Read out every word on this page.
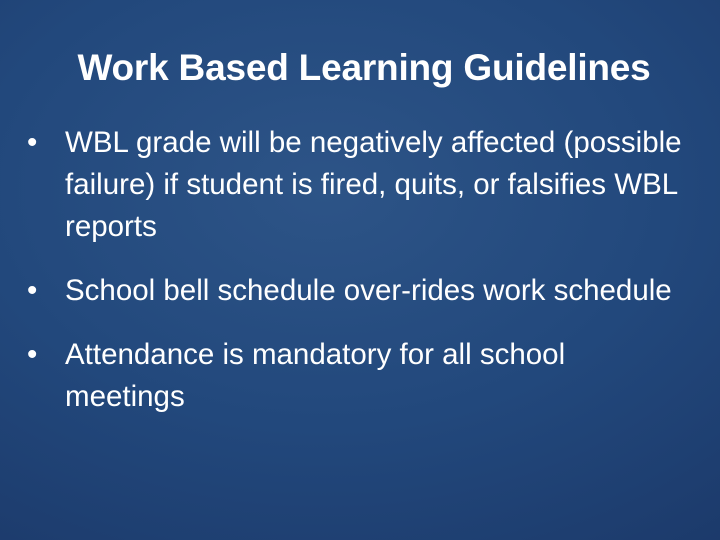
Work Based Learning Guidelines
• WBL grade will be negatively affected (possible failure) if student is fired, quits, or falsifies WBL reports
• School bell schedule over-rides work schedule
• Attendance is mandatory for all school meetings
